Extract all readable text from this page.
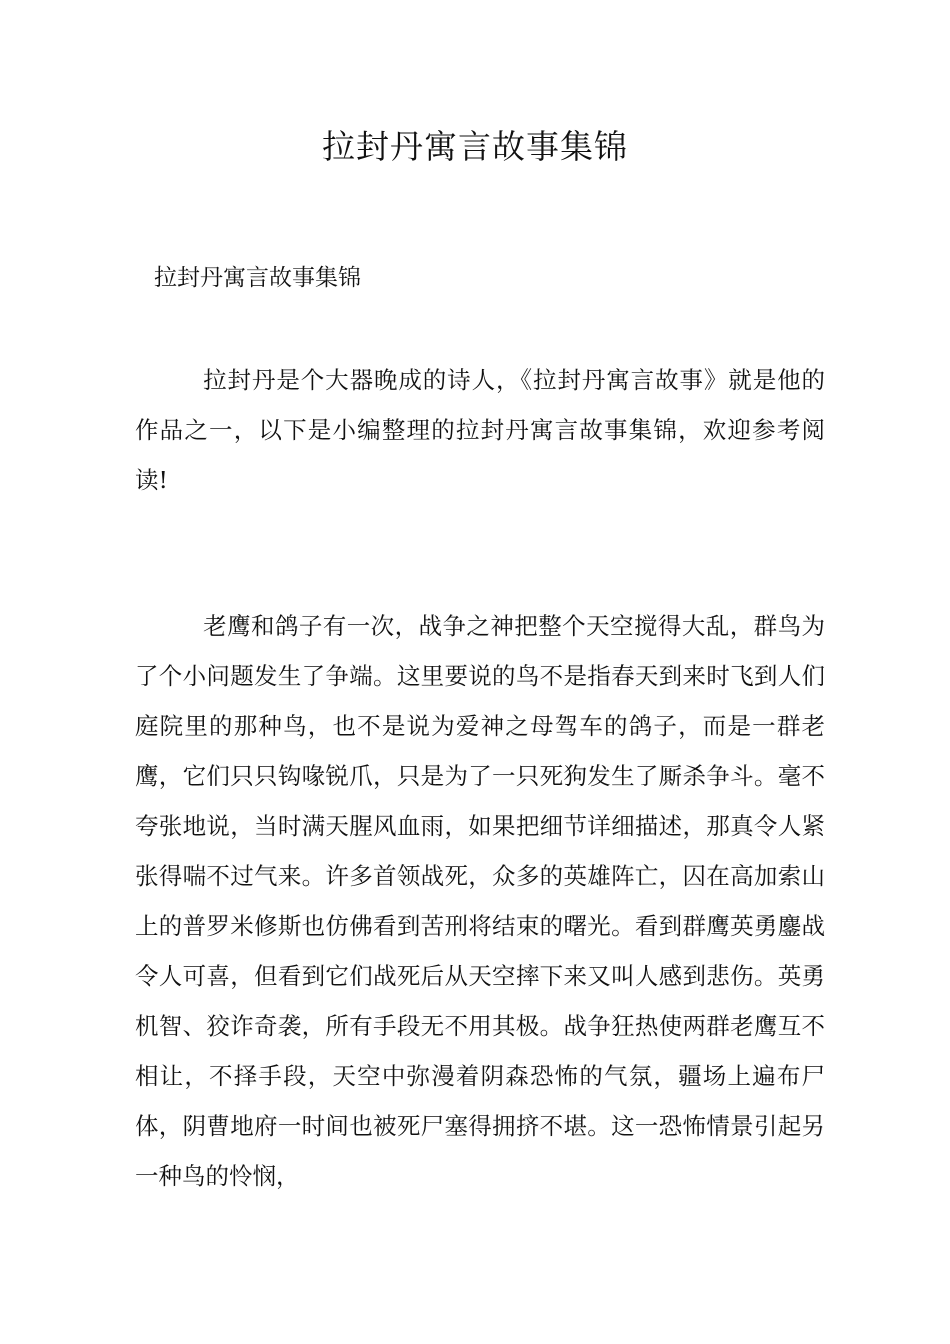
拉封丹寓言故事集锦

拉封丹寓言故事集锦

拉封丹是个大器晚成的诗人，《拉封丹寓言故事》就是他的作品之一，以下是小编整理的拉封丹寓言故事集锦，欢迎参考阅读!

老鹰和鸽子有一次，战争之神把整个天空搅得大乱，群鸟为了个小问题发生了争端。这里要说的鸟不是指春天到来时飞到人们庭院里的那种鸟，也不是说为爱神之母驾车的鸽子，而是一群老鹰，它们只只钩喙锐爪，只是为了一只死狗发生了厮杀争斗。毫不夸张地说，当时满天腥风血雨，如果把细节详细描述，那真令人紧张得喘不过气来。许多首领战死，众多的英雄阵亡，囚在高加索山上的普罗米修斯也仿佛看到苦刑将结束的曙光。看到群鹰英勇鏖战令人可喜，但看到它们战死后从天空摔下来又叫人感到悲伤。英勇机智、狡诈奇袭，所有手段无不用其极。战争狂热使两群老鹰互不相让，不择手段，天空中弥漫着阴森恐怖的气氛，疆场上遍布尸体，阴曹地府一时间也被死尸塞得拥挤不堪。这一恐怖情景引起另一种鸟的怜悯，
